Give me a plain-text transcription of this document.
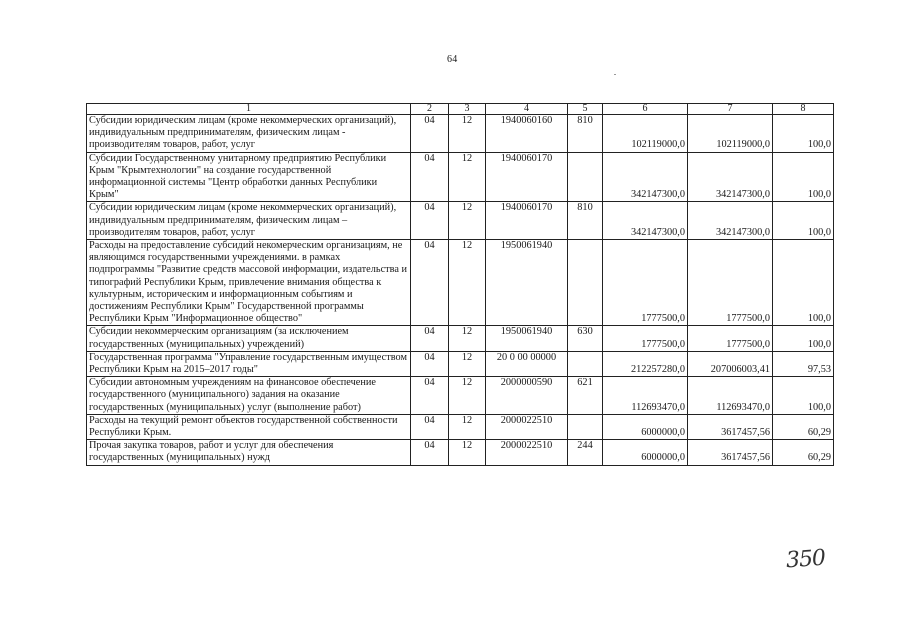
64
1	2	3	4	5	6	7	8
Субсидии юридическим лицам (кроме некоммерческих организаций), индивидуальным предпринимателям, физическим лицам - производителям товаров, работ, услуг	04	12	1940060160	810	102119000,0	102119000,0	100,0
Субсидии Государственному унитарному предприятию Республики Крым "Крымтехнологии" на создание государственной информационной системы "Центр обработки данных Республики Крым"	04	12	1940060170		342147300,0	342147300,0	100,0
Субсидии юридическим лицам (кроме некоммерческих организаций), индивидуальным предпринимателям, физическим лицам – производителям товаров, работ, услуг	04	12	1940060170	810	342147300,0	342147300,0	100,0
Расходы на предоставление субсидий некомерческим организациям, не являющимся государственными учреждениями. в рамках подпрограммы "Развитие средств массовой информации, издательства и типографий Республики Крым, привлечение внимания общества к культурным, историческим и информационным событиям и достижениям Республики Крым" Государственной программы Республики Крым "Информационное общество"	04	12	1950061940		1777500,0	1777500,0	100,0
Субсидии некоммерческим организациям (за исключением государственных (муниципальных) учреждений)	04	12	1950061940	630	1777500,0	1777500,0	100,0
Государственная программа "Управление государственным имуществом Республики Крым на 2015–2017 годы"	04	12	20 0 00 00000		212257280,0	207006003,41	97,53
Субсидии автономным учреждениям на финансовое обеспечение государственного (муниципального) задания на оказание государственных (муниципальных) услуг (выполнение работ)	04	12	2000000590	621	112693470,0	112693470,0	100,0
Расходы на текущий ремонт объектов государственной собственности Республики Крым.	04	12	2000022510		6000000,0	3617457,56	60,29
Прочая закупка товаров, работ и услуг для обеспечения государственных (муниципальных) нужд	04	12	2000022510	244	6000000,0	3617457,56	60,29
350
